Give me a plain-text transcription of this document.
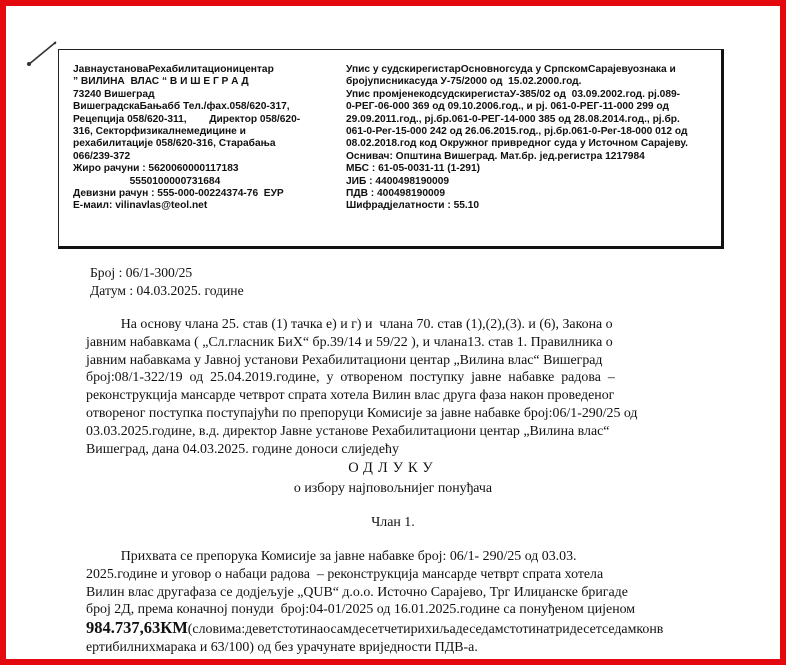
ЈавнаустановаРехабилитационицентар
” ВИЛИНА  ВЛАС “ В И Ш Е Г Р А Д
73240 Вишеград
ВишеградскаБањабб Тел./фах.058/620-317,
Рецепција 058/620-311,        Директор 058/620-
316, Секторфизикалнемедицине и
рехабилитације 058/620-316, Старабања
066/239-372
Жиро рачуни : 5620060000117183
5550100000731684
Девизни рачун : 555-000-00224374-76  ЕУР
Е-маил: vilinavlas@teol.net
Упис у судскирегистарОсновногсуда у СрпскомСарајевуознака и
бројуписникасуда У-75/2000 од  15.02.2000.год.
Упис промјенекодсудскирегистаУ-385/02 од  03.09.2002.год. рј.089-
0-РЕГ-06-000 369 од 09.10.2006.год., и рј. 061-0-РЕГ-11-000 299 од
29.09.2011.год., рј.бр.061-0-РЕГ-14-000 385 од 28.08.2014.год., рј.бр.
061-0-Рег-15-000 242 од 26.06.2015.год., рј.бр.061-0-Рег-18-000 012 од
08.02.2018.год код Окружног привредног суда у Источном Сарајеву.
Оснивач: Општина Вишеград. Мат.бр. јед.регистра 1217984
МБС : 61-05-0031-11 (1-291)
ЈИБ : 4400498190009
ПДВ : 400498190009
Шифрадјелатности : 55.10
Број : 06/1-300/25
Датум : 04.03.2025. године
На основу члана 25. став (1) тачка е) и г) и  члана 70. став (1),(2),(3). и (6), Закона о
јавним набавкама ( „Сл.гласник БиХ“ бр.39/14 и 59/22 ), и члана13. став 1. Правилника о
јавним набавкама у Јавној установи Рехабилитациони центар „Вилина влас“ Вишеград
број:08/1-322/19  од  25.04.2019.године,  у  отвореном  поступку  јавне  набавке  радова  –
реконструкција мансарде четврот спрата хотела Вилин влас друга фаза након проведеног
отвореног поступка поступајући по препоруци Комисије за јавне набавке број:06/1-290/25 од
03.03.2025.године, в.д. директор Јавне установе Рехабилитациони центар „Вилина влас“
Вишеград, дана 04.03.2025. године доноси слиједећу
ОДЛУКУ
о избору најповољнијег понуђача
Члан 1.
Прихвата се препорука Комисије за јавне набавке број: 06/1- 290/25 од 03.03.
2025.године и уговор о набаци радова  – реконструкција мансарде четврт спрата хотела
Вилин влас другафаза се додјељује „QUB“ д.о.о. Источно Сарајево, Трг Илиџанске бригаде
број 2Д, према коначној понуди  број:04-01/2025 од 16.01.2025.године са понуђеном цијеном
984.737,63КМ(словима:деветстотинаосамдесетчетирихиљадеседамстотинатридесетседамконв
ертибилнихмарака и 63/100) од без урачунате вриједности ПДВ-а.
